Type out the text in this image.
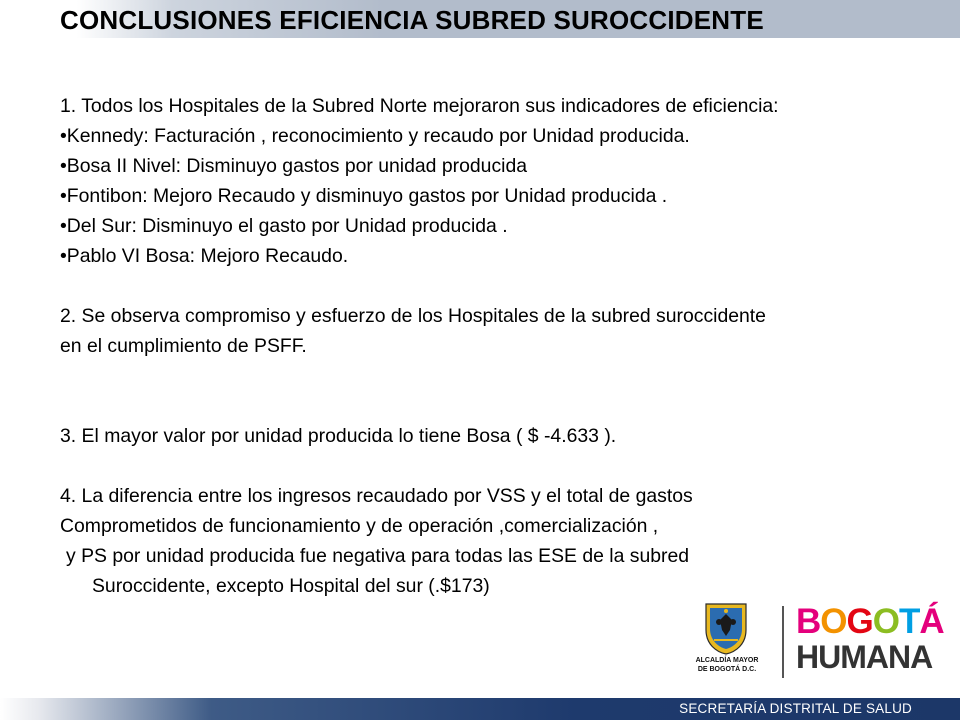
CONCLUSIONES EFICIENCIA SUBRED SUROCCIDENTE
1. Todos los Hospitales de la Subred Norte mejoraron sus indicadores de eficiencia:
•Kennedy: Facturación , reconocimiento y recaudo por Unidad producida.
•Bosa II Nivel: Disminuyo gastos por unidad producida
•Fontibon: Mejoro Recaudo y disminuyo gastos por Unidad producida .
•Del Sur: Disminuyo el gasto por Unidad producida .
•Pablo VI Bosa: Mejoro Recaudo.
2. Se observa compromiso y esfuerzo de los Hospitales de la subred suroccidente
en el cumplimiento de PSFF.
3. El mayor valor por unidad producida lo tiene Bosa ( $ -4.633 ).
4. La diferencia entre los ingresos recaudado por VSS y el total de gastos
Comprometidos de funcionamiento y de operación ,comercialización ,
y PS por unidad producida fue negativa para todas las ESE de la subred
Suroccidente, excepto Hospital del sur (.$173)
ALCALDÍA MAYOR
DE BOGOTÁ D.C.
BOGOTÁ
HUMANA
SECRETARÍA DISTRITAL DE SALUD
